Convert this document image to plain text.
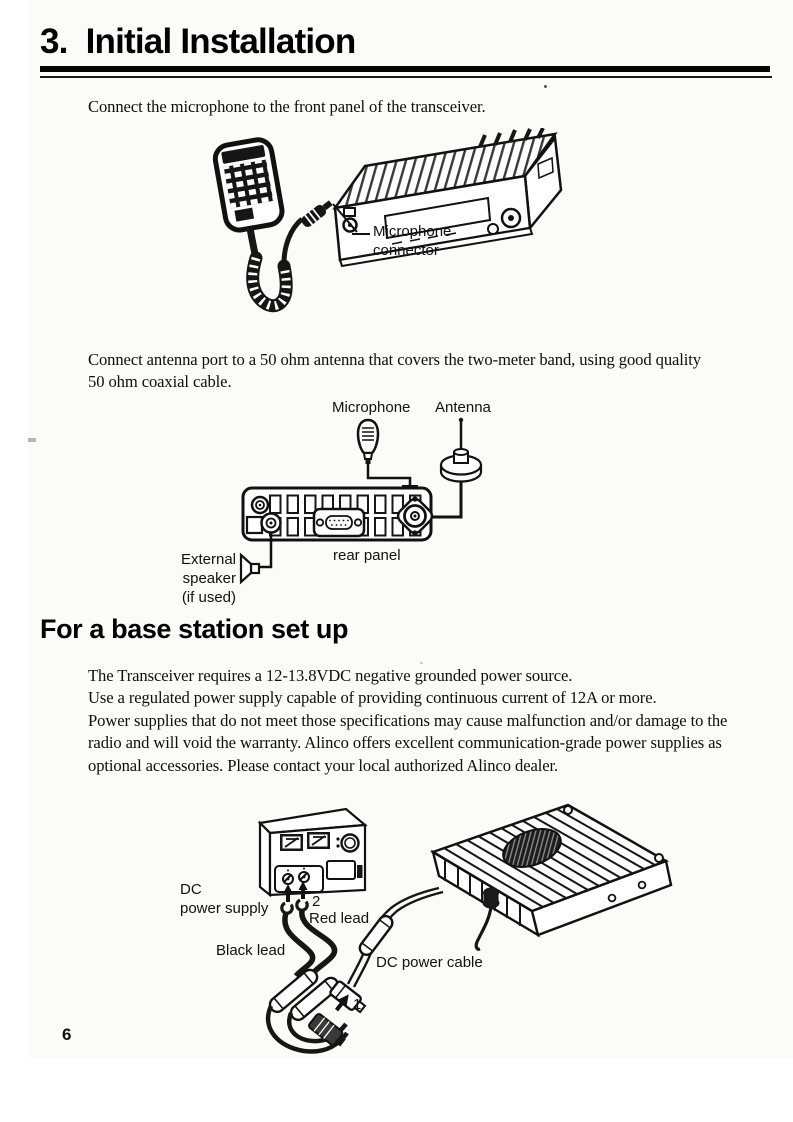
3. Initial Installation
Connect the microphone to the front panel of the transceiver.
Microphone
connector
Connect antenna port to a 50 ohm antenna that covers the two-meter band, using good quality
50 ohm coaxial cable.
Microphone Antenna
rear panel
External speaker
(if used)
For a base station set up
The Transceiver requires a 12-13.8VDC negative grounded power source.
Use a regulated power supply capable of providing continuous current of 12A or more.
Power supplies that do not meet those specifications may cause malfunction and/or damage to the
radio and will void the warranty. Alinco offers excellent communication-grade power supplies as
optional accessories. Please contact your local authorized Alinco dealer.
DC
power supply	2
Red lead
Black lead
DC power cable
1
6
